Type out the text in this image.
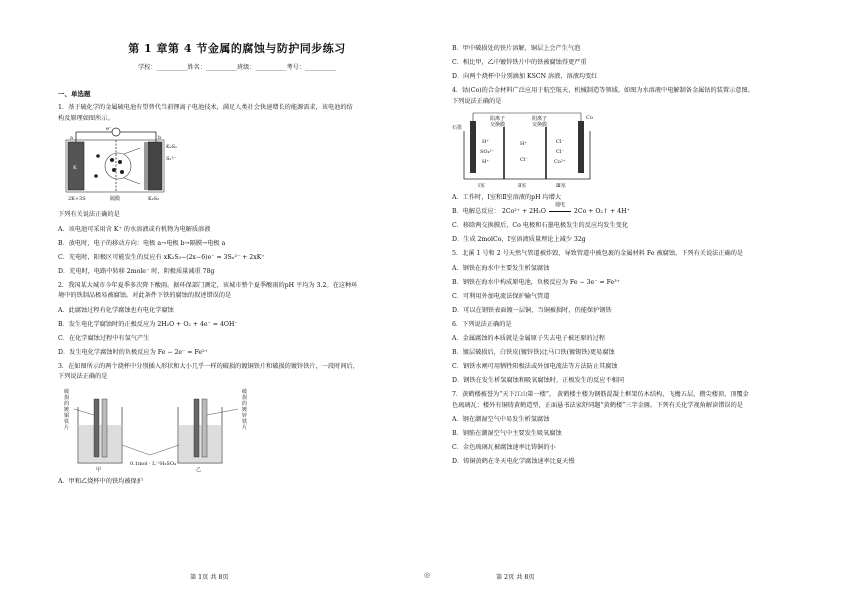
第 1 章第 4 节金属的腐蚀与防护同步练习
学校：__________姓名：__________班级：__________考号：__________
一、单选题

1．基于硫化学的金属硫电池有望替代当前锂离子电池技术，满足人类社会快速增长的能源需求，该电池的结

构及原理如图所示。

a	b
K
K₂Sₓ
Sₓ²⁻
2K+3S	K₂S₃
隔膜
e⁻

下列有关说法正确的是

A．该电池可采用含 K⁺ 的水溶液或有机物为电解质溶液

B．放电时，电子的移动方向：电极 a→电极 b→隔膜→电极 a

C．充电时，阳极区可能发生的反应有 xK₂S₃−(2x−6)e⁻ = 3Sₓ²⁻ + 2xK⁺

D．充电时，电路中转移 2mole⁻ 时，阴极质量减重 78g

2．我国某大城市今年夏季多次降下酸雨。据环保部门测定，该城市整个夏季酸雨的pH 平均为 3.2。在这种环

境中的铁制品极易被腐蚀。对此条件下铁的腐蚀的叙述错误的是

A．此腐蚀过程有化学腐蚀也有电化学腐蚀

B．发生电化学腐蚀时的正极反应为 2H₂O + O₂ + 4e⁻ = 4OH⁻

C．在化学腐蚀过程中有氢气产生

D．发生电化学腐蚀时的负极反应为 Fe − 2e⁻ = Fe²⁺

3．在如图所示的两个烧杯中分别插入形状和大小几乎一样的破损的镀铜铁片和破损的镀锌铁片，一段时间后，

下列说法正确的是

破
损
的
镀
铜
铁
片
破
损
的
镀
锌
铁
片
甲	乙
0.1mol · L⁻¹H₂SO₄

A．甲和乙烧杯中的铁均被保护

第 1页 共 8页	◎

B．甲中破损处的铁片溶解，铜层上会产生气泡

C．相比甲，乙中镀锌铁片中的铁被腐蚀得更严重

D．向两个烧杯中分别滴加 KSCN 溶液，溶液均变红

4．钴(Co)的合金材料广泛应用于航空航天、机械制造等领域。如图为水溶液中电解制备金属钴的装置示意图。

下列说法正确的是

石墨
Co
阳离子
交换膜
阴离子
交换膜
H⁺
SO₄²⁻
H⁺
H⁺
Cl⁻
Cl⁻
Cl⁻
Co²⁺
Ⅰ室	Ⅱ室	Ⅲ室

A．工作时，Ⅰ室和Ⅱ室溶液的pH 均增大

B．电解总反应： 2Co²⁺ + 2H₂O
通电
2Co + O₂↑ + 4H⁺

C．移除两交换膜后，Co 电极和石墨电极发生的反应均发生变化

D．生成 2molCo，Ⅰ室溶液质量理论上减少 32g

5．北溪 1 号和 2 号天然气管道被炸毁，导致管道中被包裹的金属材料 Fe 被腐蚀，下列有关说法正确的是

A．钢铁在海水中主要发生析氢腐蚀

B．钢铁在海水中构成原电池，负极反应为 Fe − 3e⁻ = Fe³⁺

C．可利用外加电流法保护输气管道

D．可以在钢铁表面镀一层铜，当铜被损时，仍能保护钢铁

6．下列说法正确的是

A．金属腐蚀的本质就是金属原子失去电子被还原的过程

B．镀层破损后，白铁皮(镀锌铁)比马口铁(镀锡铁)更易腐蚀

C．钢铁水闸可用牺牲阳极法或外加电流法等方法防止其腐蚀

D．钢铁在发生析氢腐蚀和吸氧腐蚀时，正极发生的反应不相同

7．黄鹤楼被誉为“天下江山第一楼”。 黄鹤楼主楼为钢筋混凝土框架仿木结构，飞檐五层，攒尖楼顶，顶覆金

色琉璃瓦；楼外有铜铸黄鹤造型，正面悬书法家舒同题“黄鹤楼”三字金匾。下列有关化学视角解读错误的是

A．钢在潮湿空气中易发生析氢腐蚀

B．钢筋在潮湿空气中主要发生吸氧腐蚀

C．金色琉璃瓦被腐蚀速率比铸铜的小

D．铸铜黄鹤在冬天电化学腐蚀速率比夏天慢

第 2页 共 8页
